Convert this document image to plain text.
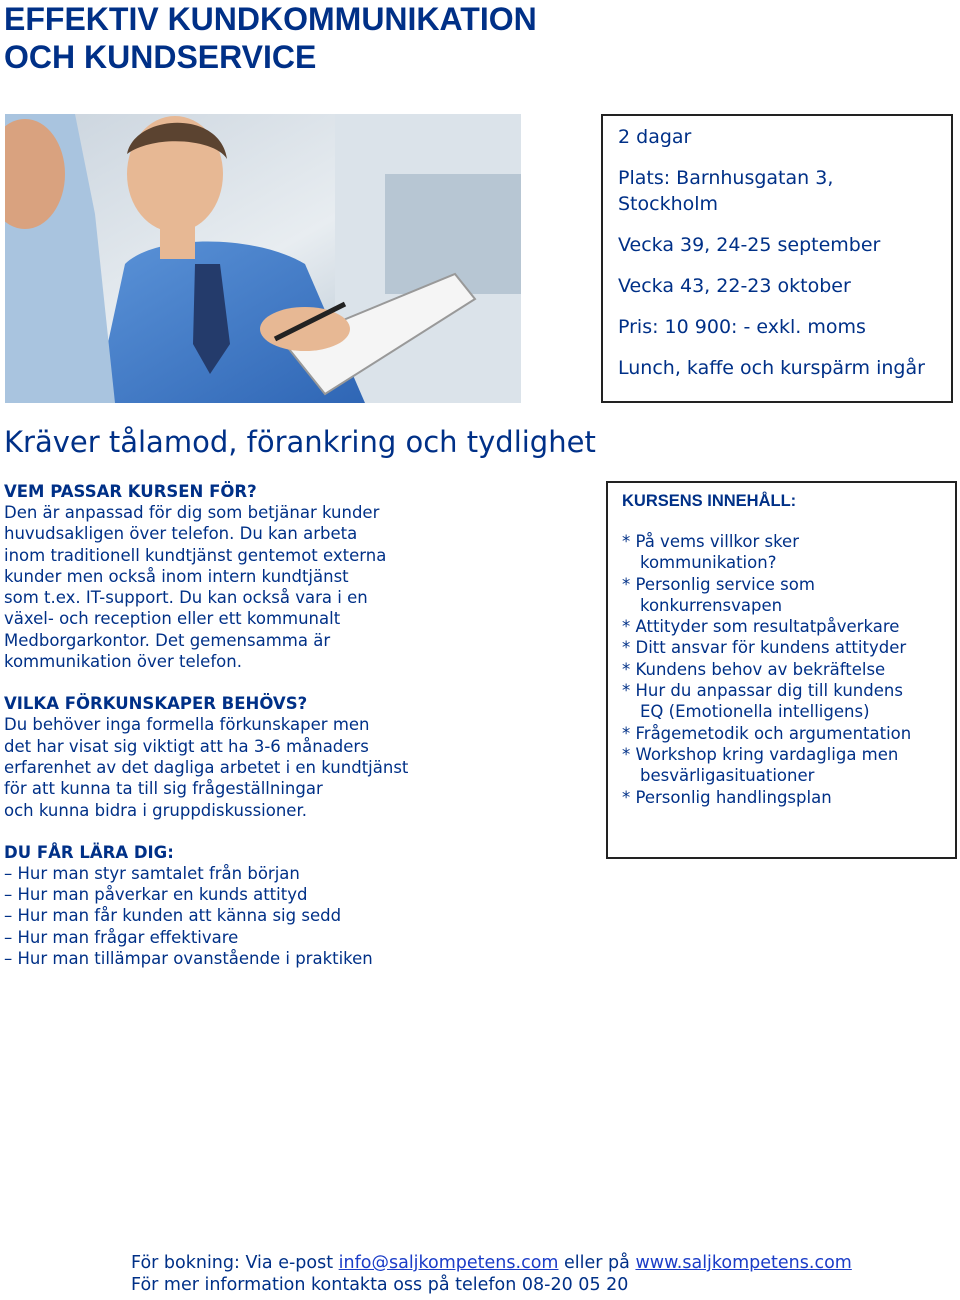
EFFEKTIV KUNDKOMMUNIKATION
OCH KUNDSERVICE

2 dagar

Plats: Barnhusgatan 3, Stockholm

Vecka 39, 24-25 september

Vecka 43, 22-23 oktober

Pris: 10 900: - exkl. moms

Lunch, kaffe och kurspärm ingår

Kräver tålamod, förankring och tydlighet
VEM PASSAR KURSEN FÖR?
Den är anpassad för dig som betjänar kunder
huvudsakligen över telefon. Du kan arbeta
inom traditionell kundtjänst gentemot externa
kunder men också inom intern kundtjänst
som t.ex. IT-support. Du kan också vara i en
växel- och reception eller ett kommunalt
Medborgarkontor. Det gemensamma är
kommunikation över telefon.
VILKA FÖRKUNSKAPER BEHÖVS?
Du behöver inga formella förkunskaper men
det har visat sig viktigt att ha 3-6 månaders
erfarenhet av det dagliga arbetet i en kundtjänst
för att kunna ta till sig frågeställningar
och kunna bidra i gruppdiskussioner.
DU FÅR LÄRA DIG:
– Hur man styr samtalet från början
– Hur man påverkar en kunds attityd
– Hur man får kunden att känna sig sedd
– Hur man frågar effektivare
– Hur man tillämpar ovanstående i praktiken
KURSENS INNEHÅLL:
* På vems villkor sker
kommunikation?
* Personlig service som
konkurrensvapen
* Attityder som resultatpåverkare
* Ditt ansvar för kundens attityder
* Kundens behov av bekräftelse
* Hur du anpassar dig till kundens
EQ (Emotionella intelligens)
* Frågemetodik och argumentation
* Workshop kring vardagliga men
besvärligasituationer
* Personlig handlingsplan
För bokning: Via e-post info@saljkompetens.com eller på www.saljkompetens.com
För mer information kontakta oss på telefon 08-20 05 20
